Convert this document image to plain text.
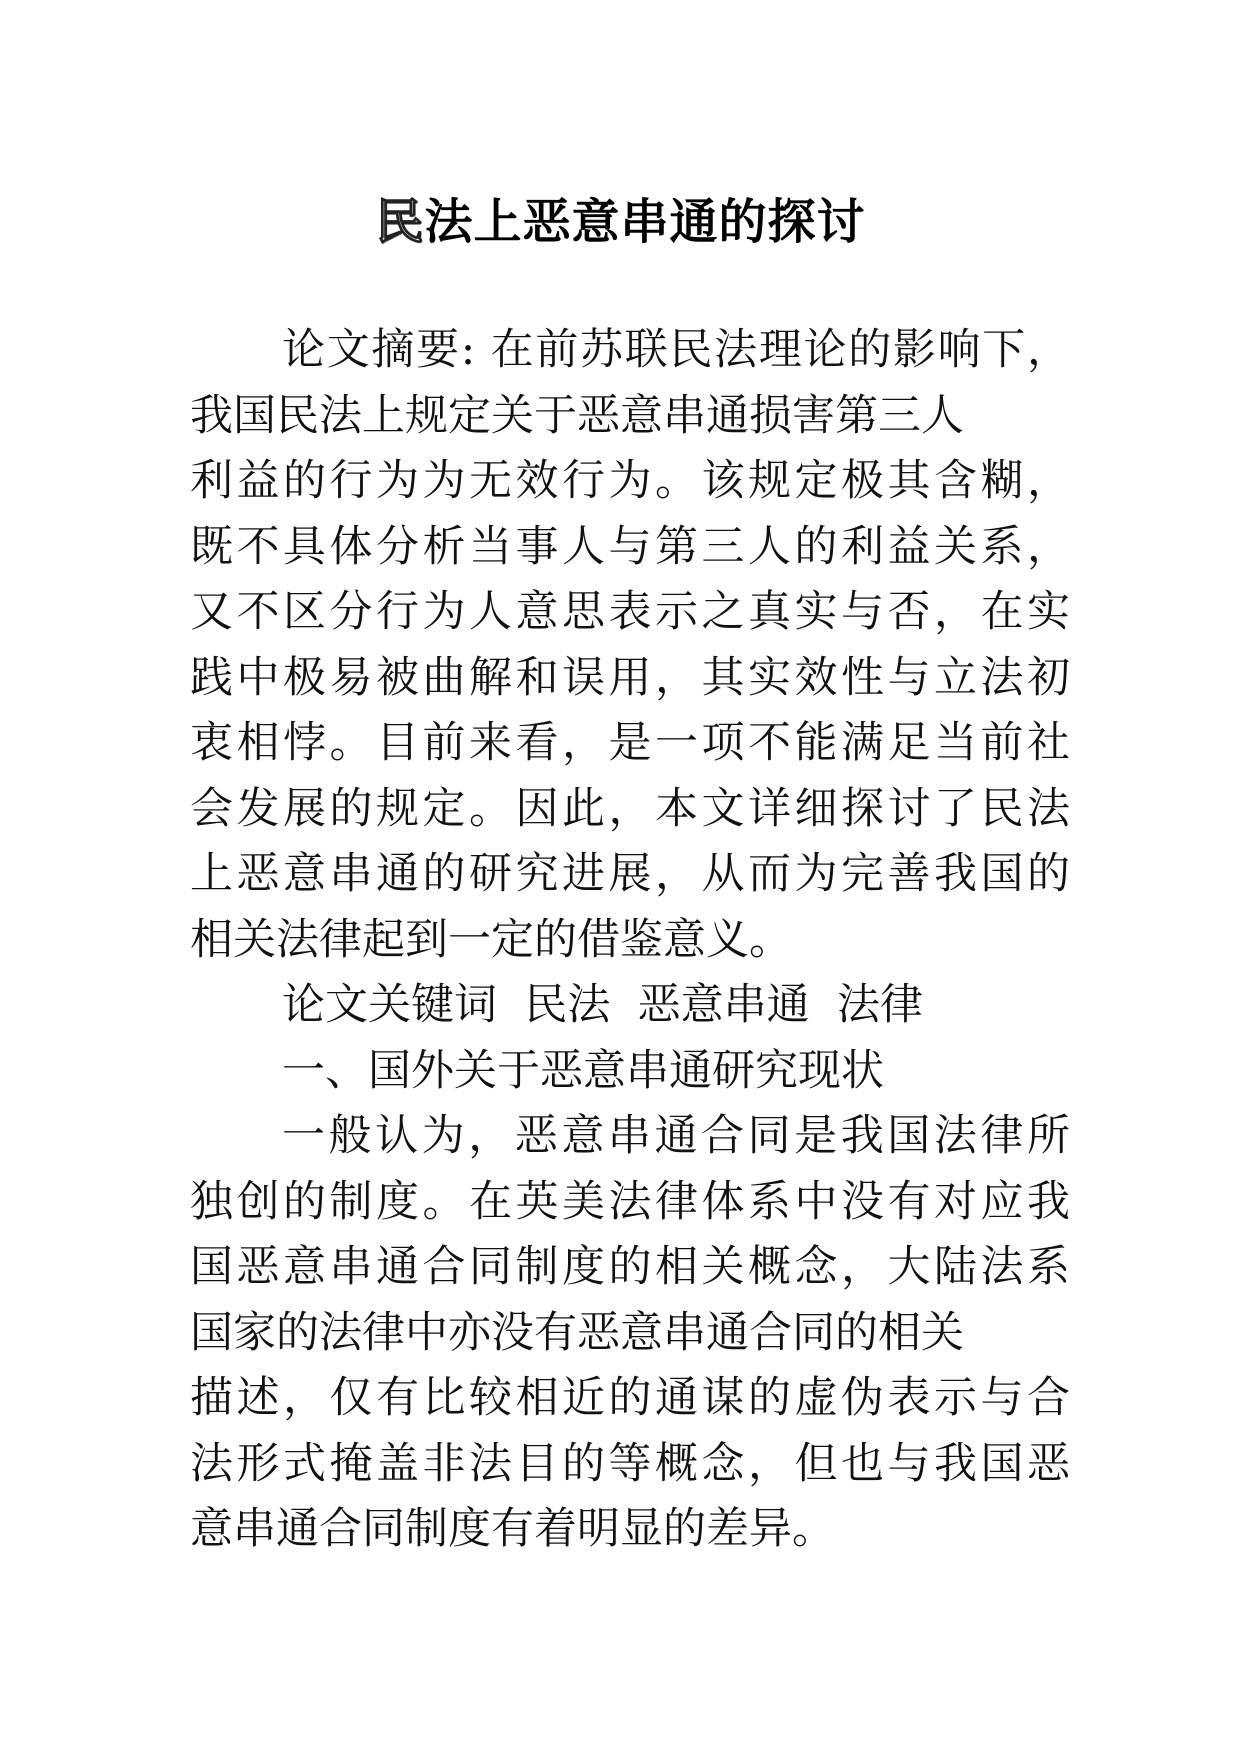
民法上恶意串通的探讨
论文摘要: 在前苏联民法理论的影响下，
我国民法上规定关于恶意串通损害第三人
利益的行为为无效行为。该规定极其含糊，
既不具体分析当事人与第三人的利益关系，
又不区分行为人意思表示之真实与否，在实
践中极易被曲解和误用，其实效性与立法初
衷相悖。目前来看，是一项不能满足当前社
会发展的规定。因此，本文详细探讨了民法
上恶意串通的研究进展，从而为完善我国的
相关法律起到一定的借鉴意义。
论文关键词  民法  恶意串通  法律
一、国外关于恶意串通研究现状
一般认为，恶意串通合同是我国法律所
独创的制度。在英美法律体系中没有对应我
国恶意串通合同制度的相关概念，大陆法系
国家的法律中亦没有恶意串通合同的相关
描述，仅有比较相近的通谋的虚伪表示与合
法形式掩盖非法目的等概念，但也与我国恶
意串通合同制度有着明显的差异。
